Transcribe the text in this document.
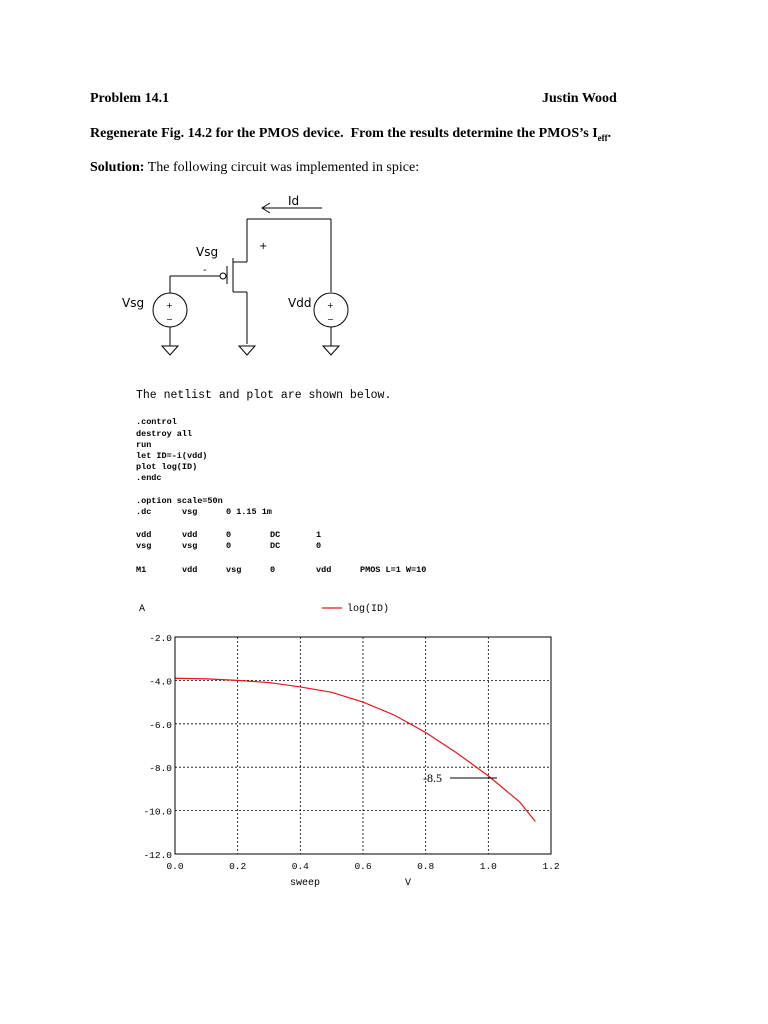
Problem 14.1	Justin Wood
Regenerate Fig. 14.2 for the PMOS device.  From the results determine the PMOS’s $I_{eff}$.
Solution: The following circuit was implemented in spice:
Id
Vsg	+
-
Vsg	Vdd
+
−
+
−
The netlist and plot are shown below.
.control
destroy all
run
let ID=-i(vdd)
plot log(ID)
.endc
.option scale=50n
.dc	vsg	0 1.15 1m
vdd	vdd	0	DC	1
vsg	vsg	0	DC	0
M1	vdd	vsg	0	vdd	PMOS L=1 W=10
0.0	0.2	0.4	0.6	0.8	1.0	1.2
-2.0
-4.0
-6.0
-8.0
-10.0
-12.0
A
sweep	V
log(ID)
-8.5
